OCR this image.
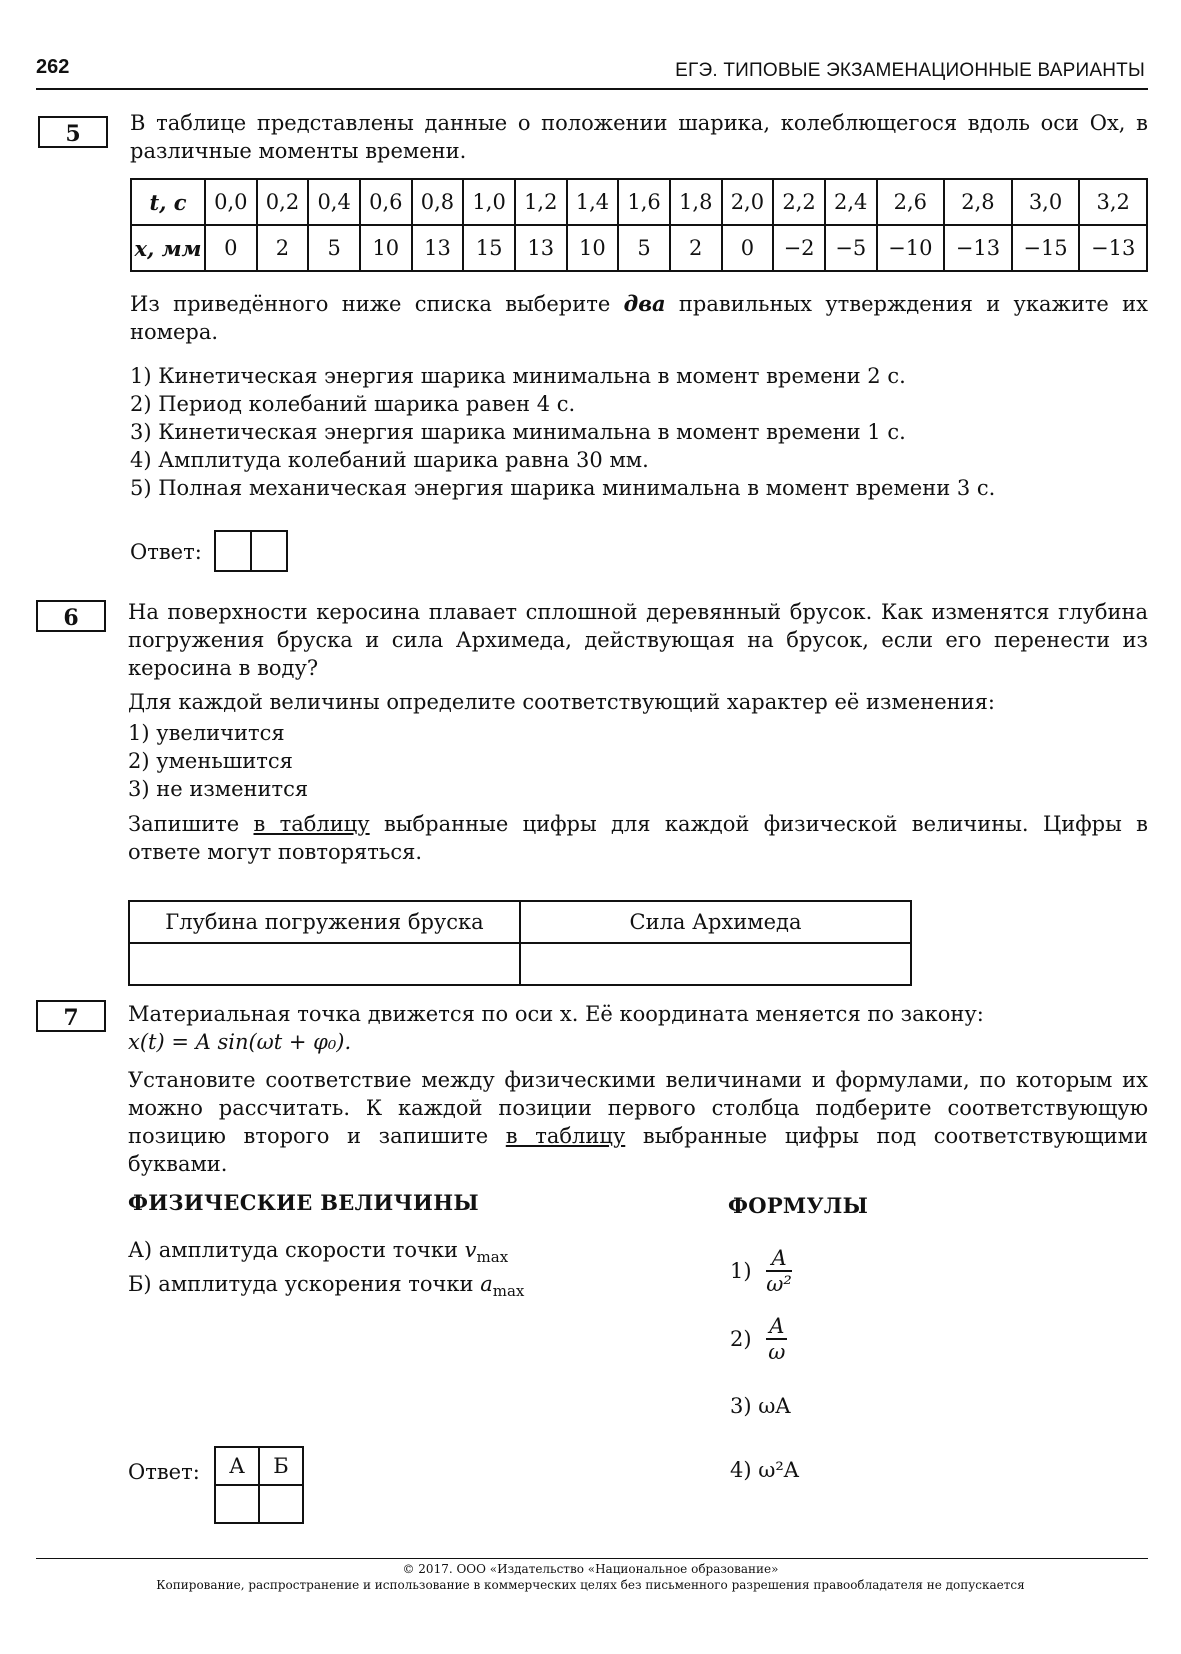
262	ЕГЭ. ТИПОВЫЕ ЭКЗАМЕНАЦИОННЫЕ ВАРИАНТЫ
5	В таблице представлены данные о положении шарика, колеблющегося вдоль оси Ox, в различные моменты времени.
t, с	0,0	0,2	0,4	0,6	0,8	1,0	1,2	1,4	1,6	1,8	2,0	2,2	2,4	2,6	2,8	3,0	3,2
x, мм	0	2	5	10	13	15	13	10	5	2	0	−2	−5	−10	−13	−15	−13
Из приведённого ниже списка выберите два правильных утверждения и укажите их номера.
1) Кинетическая энергия шарика минимальна в момент времени 2 с.
2) Период колебаний шарика равен 4 с.
3) Кинетическая энергия шарика минимальна в момент времени 1 с.
4) Амплитуда колебаний шарика равна 30 мм.
5) Полная механическая энергия шарика минимальна в момент времени 3 с.
Ответ:
6	На поверхности керосина плавает сплошной деревянный брусок. Как изменятся глубина погружения бруска и сила Архимеда, действующая на брусок, если его перенести из керосина в воду?
Для каждой величины определите соответствующий характер её изменения:
1) увеличится
2) уменьшится
3) не изменится
Запишите в таблицу выбранные цифры для каждой физической величины. Цифры в ответе могут повторяться.
Глубина погружения бруска	Сила Архимеда

7	Материальная точка движется по оси x. Её координата меняется по закону:
x(t) = A sin(ωt + φ₀).
Установите соответствие между физическими величинами и формулами, по которым их можно рассчитать. К каждой позиции первого столбца подберите соответствующую позицию второго и запишите в таблицу выбранные цифры под соответствующими буквами.
ФИЗИЧЕСКИЕ ВЕЛИЧИНЫ	ФОРМУЛЫ
А) амплитуда скорости точки $v_{max}$
Б) амплитуда ускорения точки $a_{max}$
$1) \frac{A}{\text{ω²}}$
$2) \frac{A}{\omega}$
3) ωA
4) ω²A
Ответ: А	Б

© 2017. ООО «Издательство «Национальное образование»
Копирование, распространение и использование в коммерческих целях без письменного разрешения правообладателя не допускается
